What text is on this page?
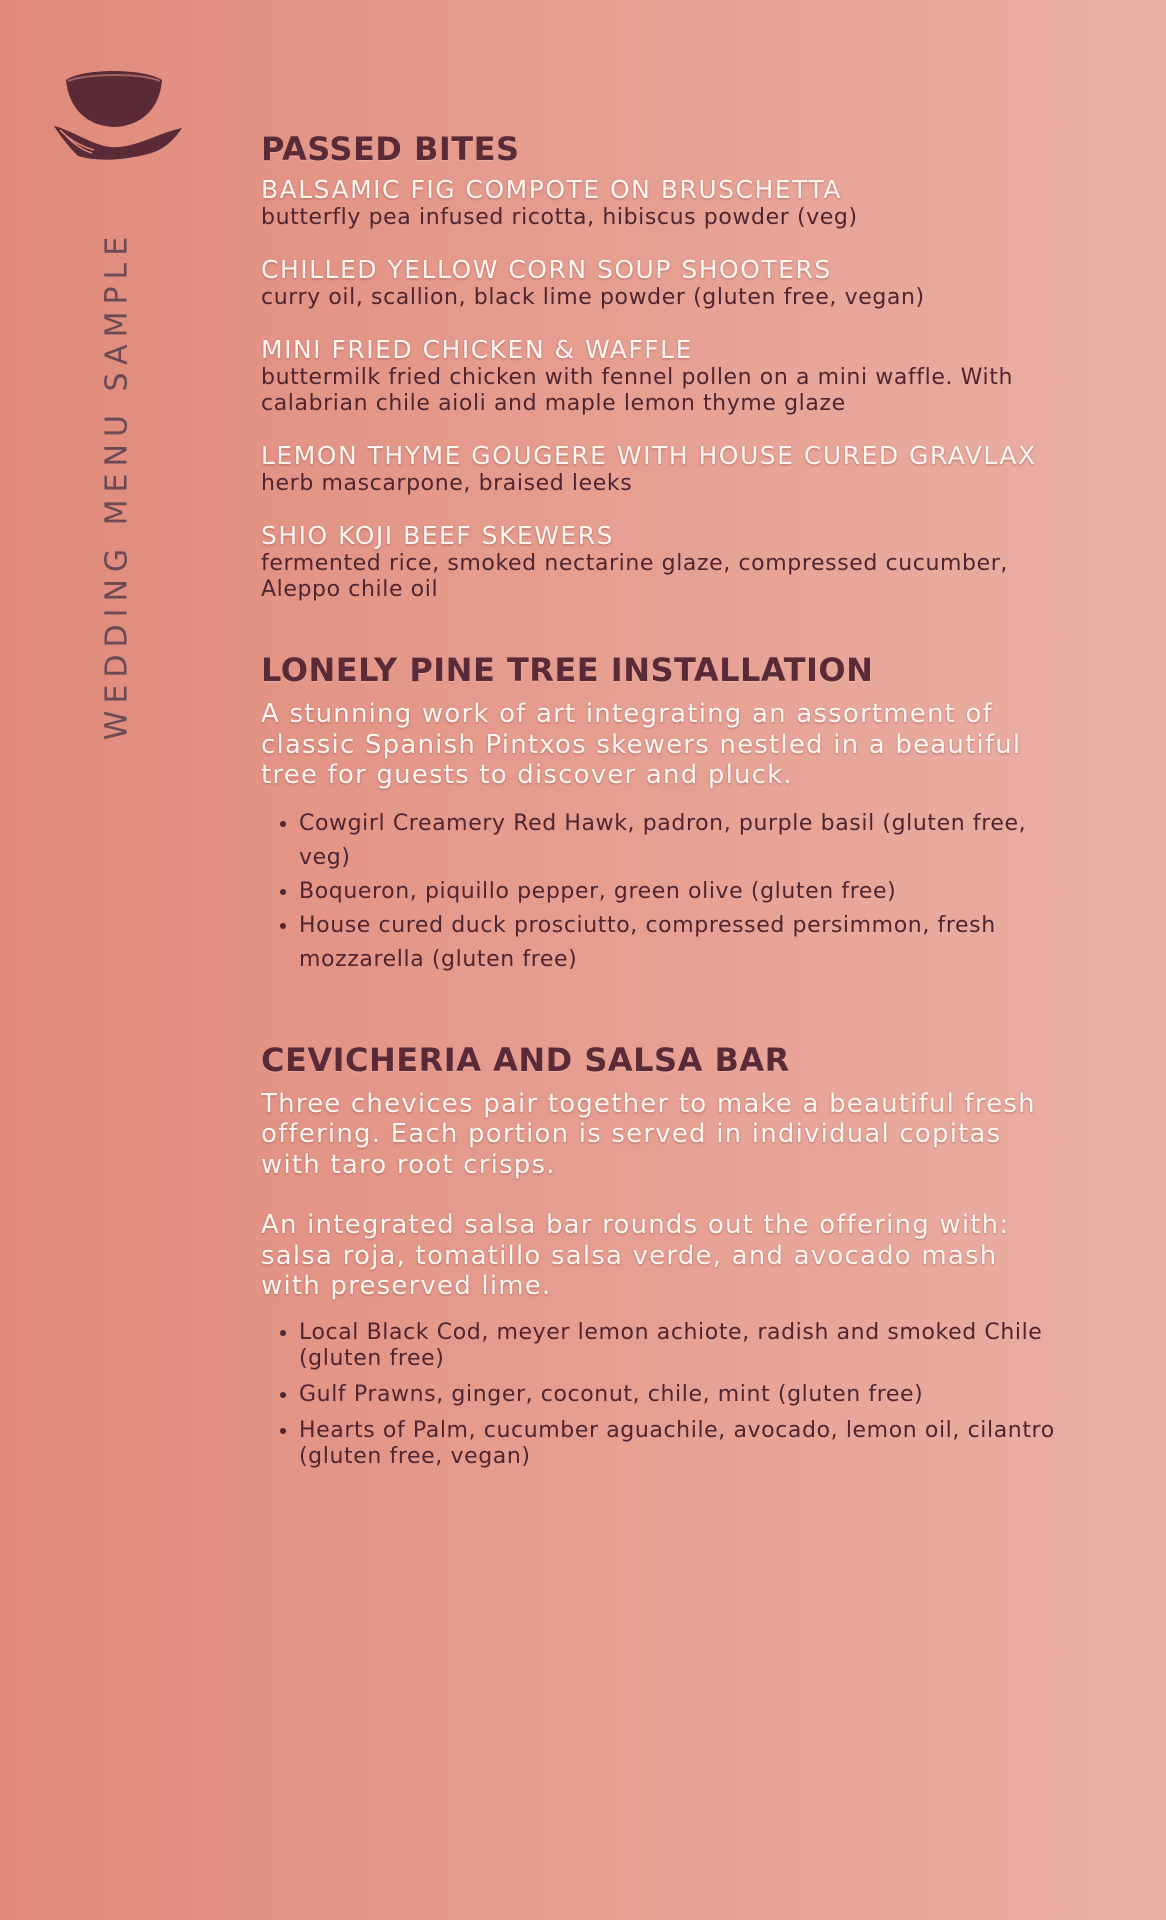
WEDDING MENU SAMPLE
PASSED BITES
BALSAMIC FIG COMPOTE ON BRUSCHETTA
butterfly pea infused ricotta, hibiscus powder (veg)
CHILLED YELLOW CORN SOUP SHOOTERS
curry oil, scallion, black lime powder (gluten free, vegan)
MINI FRIED CHICKEN & WAFFLE
buttermilk fried chicken with fennel pollen on a mini waffle. With calabrian chile aioli and maple lemon thyme glaze
LEMON THYME GOUGERE WITH HOUSE CURED GRAVLAX
herb mascarpone, braised leeks
SHIO KOJI BEEF SKEWERS
fermented rice, smoked nectarine glaze, compressed cucumber, Aleppo chile oil
LONELY PINE TREE INSTALLATION

A stunning work of art integrating an assortment of classic Spanish Pintxos skewers nestled in a beautiful tree for guests to discover and pluck.

• Cowgirl Creamery Red Hawk, padron, purple basil (gluten free, veg)
• Boqueron, piquillo pepper, green olive (gluten free)
• House cured duck prosciutto, compressed persimmon, fresh mozzarella (gluten free)
CEVICHERIA AND SALSA BAR

Three chevices pair together to make a beautiful fresh offering. Each portion is served in individual copitas with taro root crisps.

An integrated salsa bar rounds out the offering with: salsa roja, tomatillo salsa verde, and avocado mash with preserved lime.

• Local Black Cod, meyer lemon achiote, radish and smoked Chile (gluten free)
• Gulf Prawns, ginger, coconut, chile, mint (gluten free)
• Hearts of Palm, cucumber aguachile, avocado, lemon oil, cilantro (gluten free, vegan)
